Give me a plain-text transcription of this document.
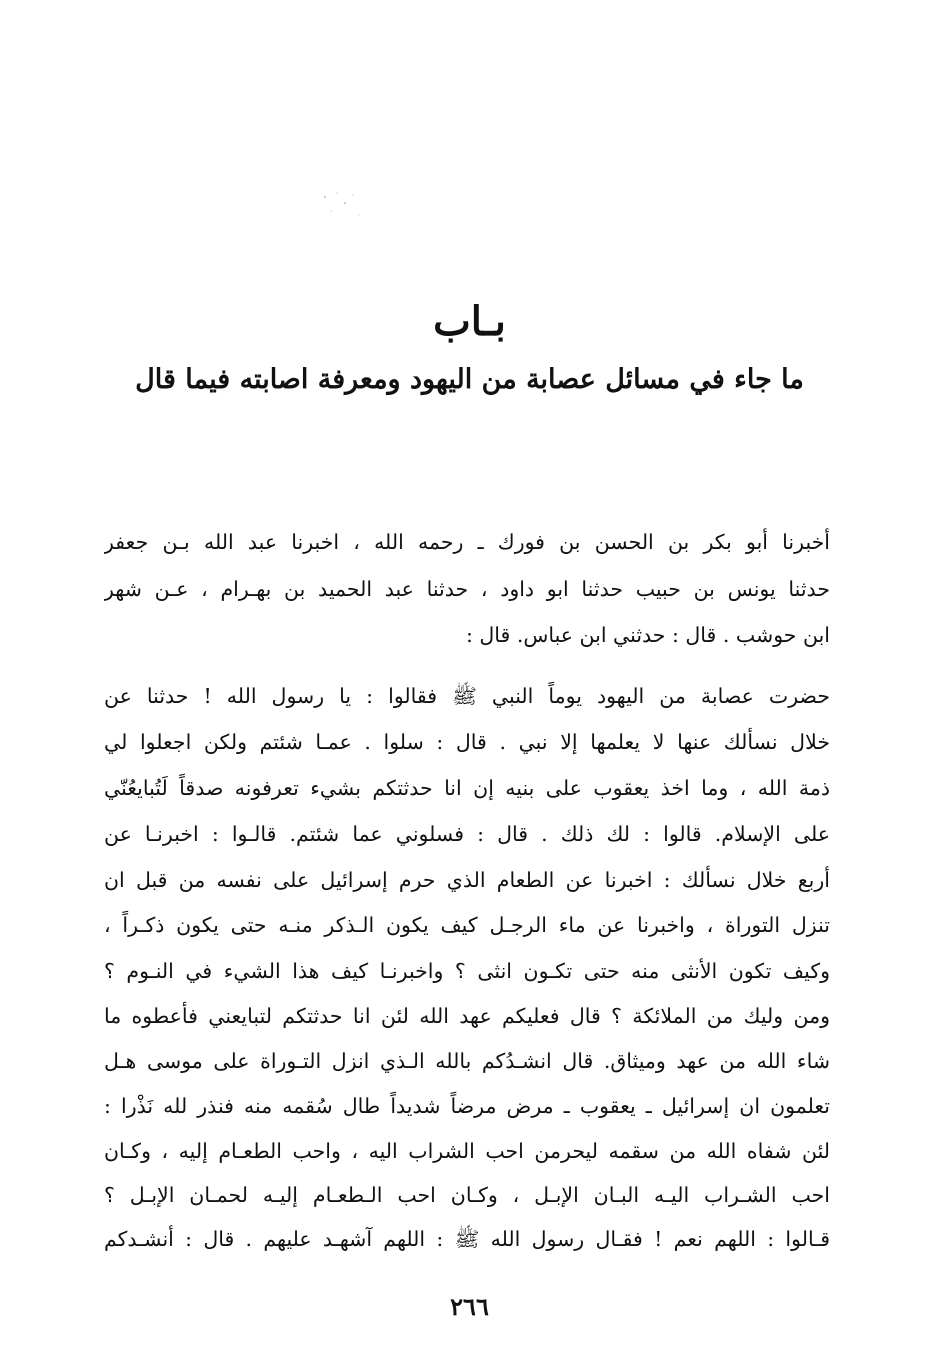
بـاب
ما جاء في مسائل عصابة من اليهود ومعرفة اصابته فيما قال
أخبرنا أبو بكر بن الحسن بن فورك ـ رحمه الله ، اخبرنا عبد الله بـن جعفر
حدثنا يونس بن حبيب حدثنا ابو داود ، حدثنا عبد الحميد بن بهـرام ، عـن شهر
ابن حوشب . قال : حدثني ابن عباس. قال :
حضرت عصابة من اليهود يوماً النبي ﷺ فقالوا : يا رسول الله ! حدثنا عن
خلال نسألك عنها لا يعلمها إلا نبي . قال : سلوا . عمـا شئتم ولكن اجعلوا لي
ذمة الله ، وما اخذ يعقوب على بنيه إن انا حدثتكم بشيء تعرفونه صدقاً لَتُبايعُنّي
على الإسلام. قالوا : لك ذلك . قال : فسلوني عما شئتم. قالـوا : اخبرنـا عن
أربع خلال نسألك : اخبرنا عن الطعام الذي حرم إسرائيل على نفسه من قبل ان
تنزل التوراة ، واخبرنا عن ماء الرجـل كيف يكون الـذكر منـه حتى يكون ذكـراً ،
وكيف تكون الأنثى منه حتى تكـون انثى ؟ واخبرنـا كيف هذا الشيء في النـوم ؟
ومن وليك من الملائكة ؟ قال فعليكم عهد الله لئن انا حدثتكم لتبايعني فأعطوه ما
شاء الله من عهد وميثاق. قال انشـدُكم بالله الـذي انزل التـوراة على موسى هـل
تعلمون ان إسرائيل ـ يعقوب ـ مرض مرضاً شديداً طال سُقمه منه فنذر لله نَذْرا :
لئن شفاه الله من سقمه ليحرمن احب الشراب اليه ، واحب الطعـام إليه ، وكـان
احب الشـراب اليـه البـان الإبـل ، وكـان احب الـطعـام إليـه لحمـان الإبـل ؟
قـالوا : اللهم نعم ! فقـال رسول الله ﷺ : اللهم آشهـد عليهم . قال : أنشـدكم
٢٦٦
